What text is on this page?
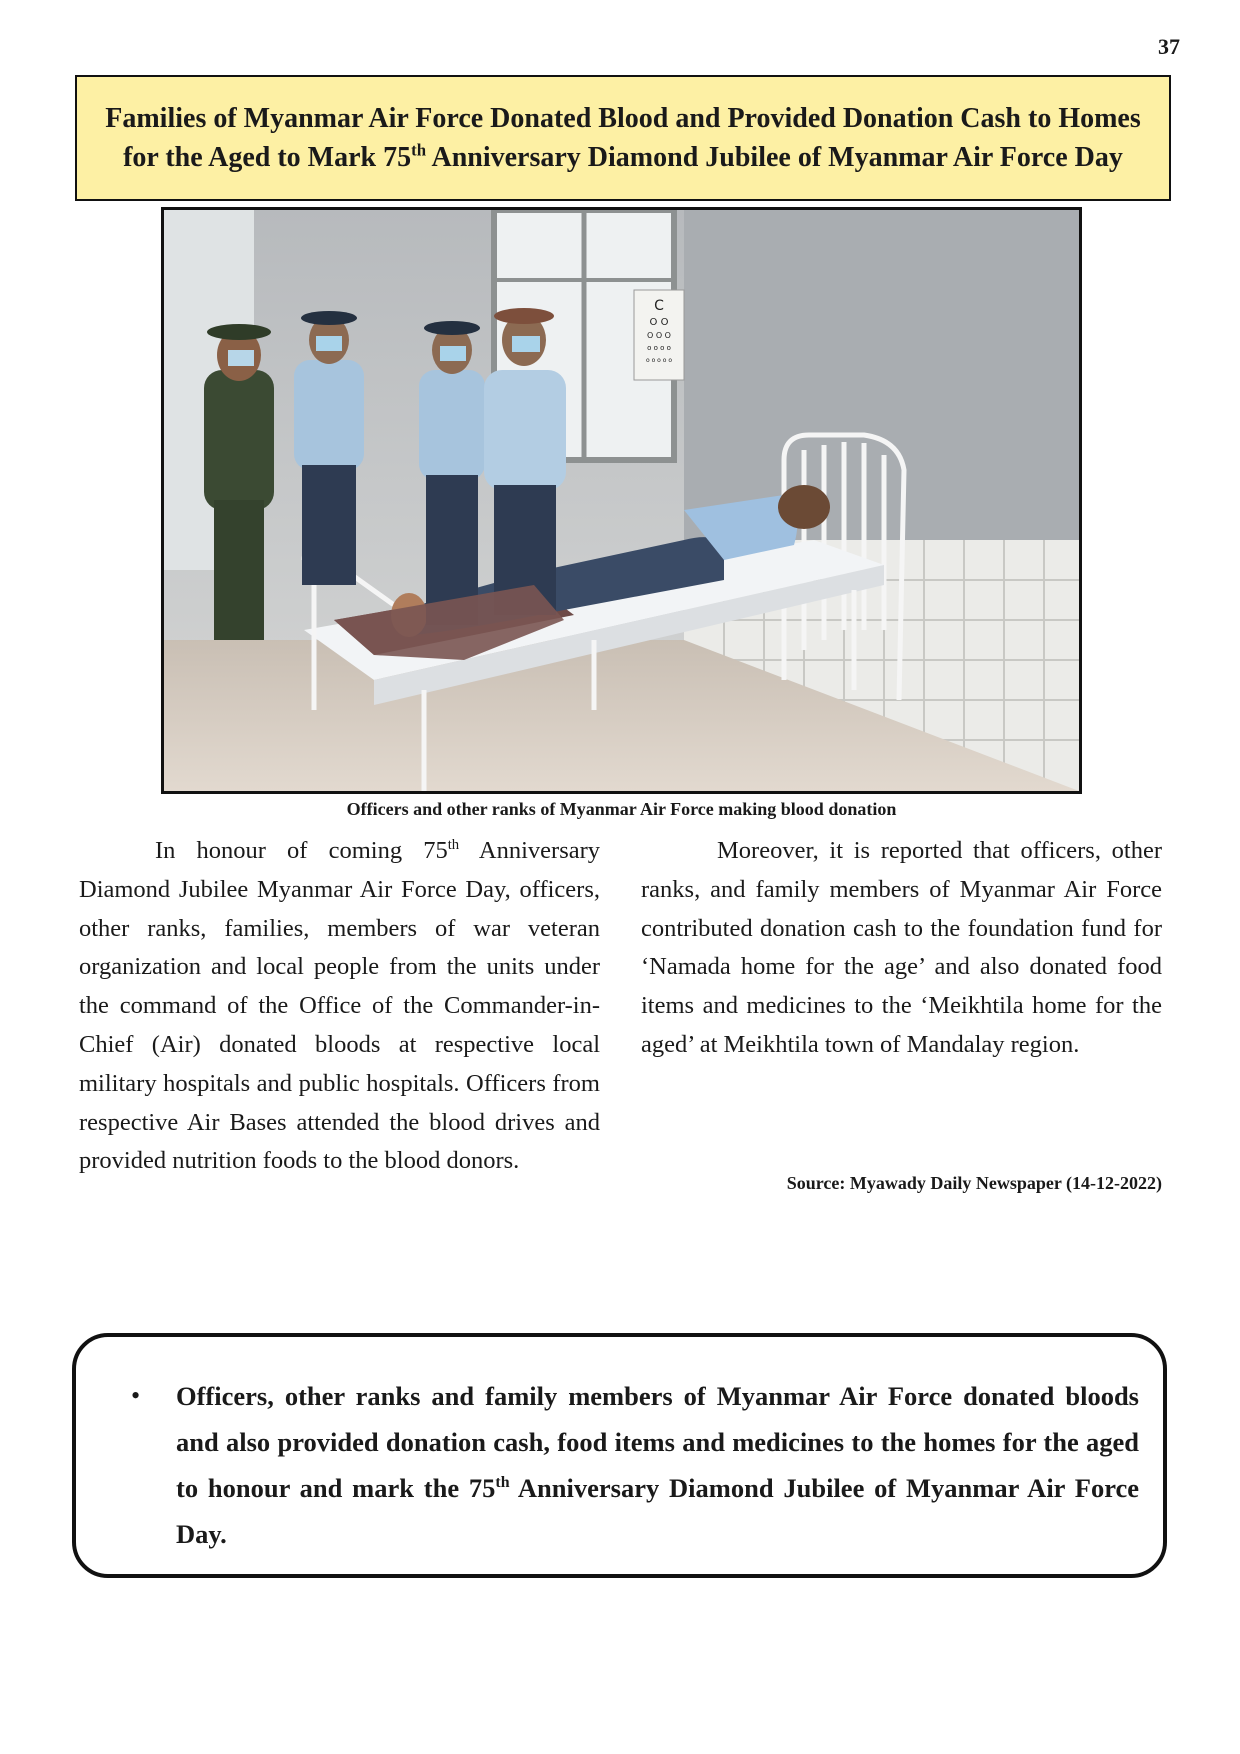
37
Families of Myanmar Air Force Donated Blood and Provided Donation Cash to Homes for the Aged to Mark 75th Anniversary Diamond Jubilee of Myanmar Air Force Day
C
O O
O O O
o o o o
o o o o o
Officers and other ranks of Myanmar Air Force making blood donation

In honour of coming 75th Anniversary Diamond Jubilee Myanmar Air Force Day, officers, other ranks, families, members of war veteran organization and local people from the units under the command of the Office of the Commander-in-Chief (Air) donated bloods at respective local military hospitals and public hospitals. Officers from respective Air Bases attended the blood drives and provided nutrition foods to the blood donors.

Moreover, it is reported that officers, other ranks, and family members of Myanmar Air Force contributed donation cash to the foundation fund for ‘Namada home for the age’ and also donated food items and medicines to the ‘Meikhtila home for the aged’ at Meikhtila town of Mandalay region.

Source: Myawady Daily Newspaper (14-12-2022)
•	Officers, other ranks and family members of Myanmar Air Force donated bloods and also provided donation cash, food items and medicines to the homes for the aged to honour and mark the 75th Anniversary Diamond Jubilee of Myanmar Air Force Day.
